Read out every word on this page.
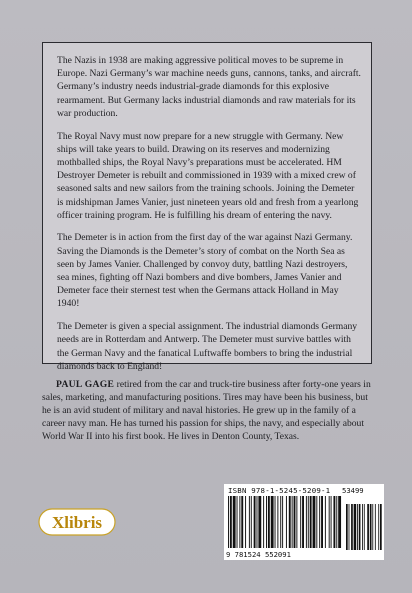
The Nazis in 1938 are making aggressive political moves to be supreme in Europe. Nazi Germany’s war machine needs guns, cannons, tanks, and aircraft. Germany’s industry needs industrial-grade diamonds for this explosive rearmament. But Germany lacks industrial diamonds and raw materials for its war production.

The Royal Navy must now prepare for a new struggle with Germany. New ships will take years to build. Drawing on its reserves and modernizing mothballed ships, the Royal Navy’s preparations must be accelerated. HM Destroyer Demeter is rebuilt and commissioned in 1939 with a mixed crew of seasoned salts and new sailors from the training schools. Joining the Demeter is midshipman James Vanier, just nineteen years old and fresh from a yearlong officer training program. He is fulfilling his dream of entering the navy.

The Demeter is in action from the first day of the war against Nazi Germany. Saving the Diamonds is the Demeter’s story of combat on the North Sea as seen by James Vanier. Challenged by convoy duty, battling Nazi destroyers, sea mines, fighting off Nazi bombers and dive bombers, James Vanier and Demeter face their sternest test when the Germans attack Holland in May 1940!

The Demeter is given a special assignment. The industrial diamonds Germany needs are in Rotterdam and Antwerp. The Demeter must survive battles with the German Navy and the fanatical Luftwaffe bombers to bring the industrial diamonds back to England!

PAUL GAGE retired from the car and truck-tire business after forty-one years in sales, marketing, and manufacturing positions. Tires may have been his business, but he is an avid student of military and naval histories. He grew up in the family of a career navy man. He has turned his passion for ships, the navy, and especially about World War II into his first book. He lives in Denton County, Texas.
Xlibris
ISBN 978-1-5245-5209-1	53499
9 781524 552091
